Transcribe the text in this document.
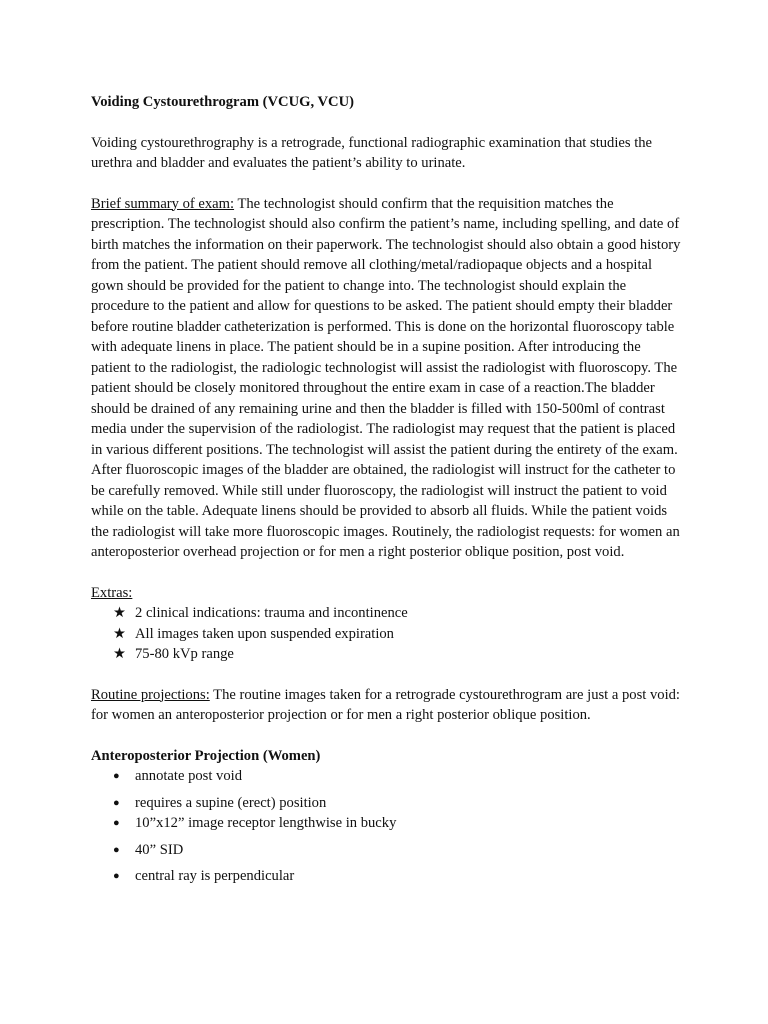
Voiding Cystourethrogram (VCUG, VCU)

Voiding cystourethrography is a retrograde, functional radiographic examination that studies the urethra and bladder and evaluates the patient’s ability to urinate.

Brief summary of exam: The technologist should confirm that the requisition matches the prescription. The technologist should also confirm the patient’s name, including spelling, and date of birth matches the information on their paperwork. The technologist should also obtain a good history from the patient. The patient should remove all clothing/metal/radiopaque objects and a hospital gown should be provided for the patient to change into. The technologist should explain the procedure to the patient and allow for questions to be asked. The patient should empty their bladder before routine bladder catheterization is performed. This is done on the horizontal fluoroscopy table with adequate linens in place. The patient should be in a supine position. After introducing the patient to the radiologist, the radiologic technologist will assist the radiologist with fluoroscopy. The patient should be closely monitored throughout the entire exam in case of a reaction.The bladder should be drained of any remaining urine and then the bladder is filled with 150-500ml of contrast media under the supervision of the radiologist. The radiologist may request that the patient is placed in various different positions. The technologist will assist the patient during the entirety of the exam. After fluoroscopic images of the bladder are obtained, the radiologist will instruct for the catheter to be carefully removed. While still under fluoroscopy, the radiologist will instruct the patient to void while on the table. Adequate linens should be provided to absorb all fluids. While the patient voids the radiologist will take more fluoroscopic images. Routinely, the radiologist requests: for women an anteroposterior overhead projection or for men a right posterior oblique position, post void.

Extras:
★ 2 clinical indications: trauma and incontinence
★ All images taken upon suspended expiration
★ 75-80 kVp range

Routine projections: The routine images taken for a retrograde cystourethrogram are just a post void: for women an anteroposterior projection or for men a right posterior oblique position.

Anteroposterior Projection (Women)
● annotate post void
● requires a supine (erect) position
● 10”x12” image receptor lengthwise in bucky
● 40” SID
● central ray is perpendicular
